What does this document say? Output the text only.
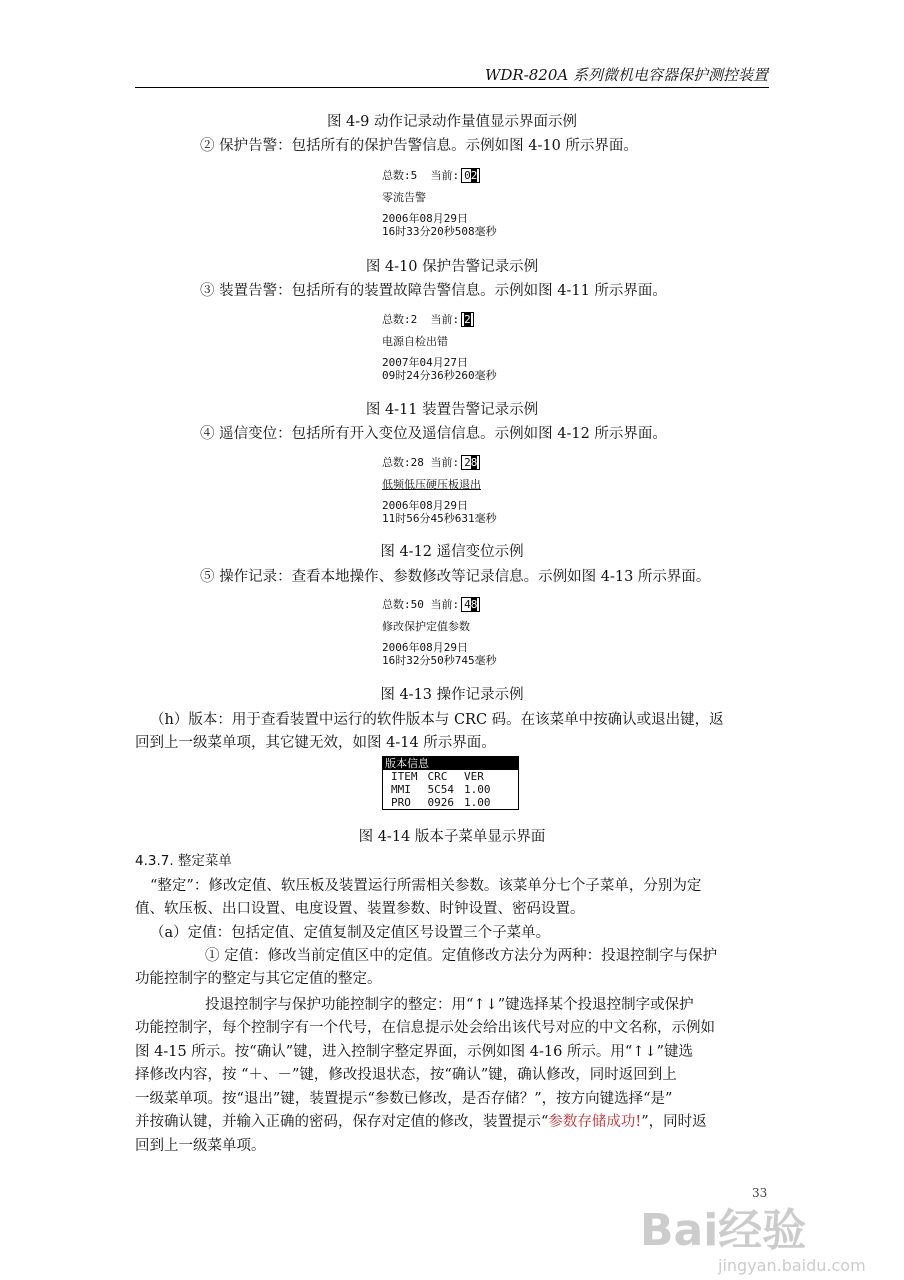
WDR-820A 系列微机电容器保护测控装置
图 4-9 动作记录动作量值显示界面示例
② 保护告警：包括所有的保护告警信息。示例如图 4-10 所示界面。
总数:5 当前: 02
零流告警
2006年08月29日
16时33分20秒508毫秒
图 4-10 保护告警记录示例
③ 装置告警：包括所有的装置故障告警信息。示例如图 4-11 所示界面。
总数:2 当前: 2
电源自检出错
2007年04月27日
09时24分36秒260毫秒
图 4-11 装置告警记录示例
④ 遥信变位：包括所有开入变位及遥信信息。示例如图 4-12 所示界面。
总数:28 当前: 28
低频低压硬压板退出
2006年08月29日
11时56分45秒631毫秒
图 4-12 遥信变位示例
⑤ 操作记录：查看本地操作、参数修改等记录信息。示例如图 4-13 所示界面。
总数:50 当前: 48
修改保护定值参数
2006年08月29日
16时32分50秒745毫秒
图 4-13 操作记录示例
（h）版本：用于查看装置中运行的软件版本与 CRC 码。在该菜单中按确认或退出键，返
回到上一级菜单项，其它键无效，如图 4-14 所示界面。
版本信息
ITEM	CRC	VER
MMI	5C54	1.00
PRO	0926	1.00
图 4-14 版本子菜单显示界面
4.3.7. 整定菜单
“整定”：修改定值、软压板及装置运行所需相关参数。该菜单分七个子菜单，分别为定
值、软压板、出口设置、电度设置、装置参数、时钟设置、密码设置。
（a）定值：包括定值、定值复制及定值区号设置三个子菜单。
① 定值：修改当前定值区中的定值。定值修改方法分为两种：投退控制字与保护
功能控制字的整定与其它定值的整定。
投退控制字与保护功能控制字的整定：用“↑↓”键选择某个投退控制字或保护
功能控制字，每个控制字有一个代号，在信息提示处会给出该代号对应的中文名称，示例如
图 4-15 所示。按“确认”键，进入控制字整定界面，示例如图 4-16 所示。用“↑↓”键选
择修改内容，按 “＋、－”键，修改投退状态，按“确认”键，确认修改，同时返回到上
一级菜单项。按“退出”键，装置提示“参数已修改，是否存储？”，按方向键选择“是”
并按确认键，并输入正确的密码，保存对定值的修改，装置提示“参数存储成功!”，同时返
回到上一级菜单项。
33
Bai经验
jingyan.baidu.com
